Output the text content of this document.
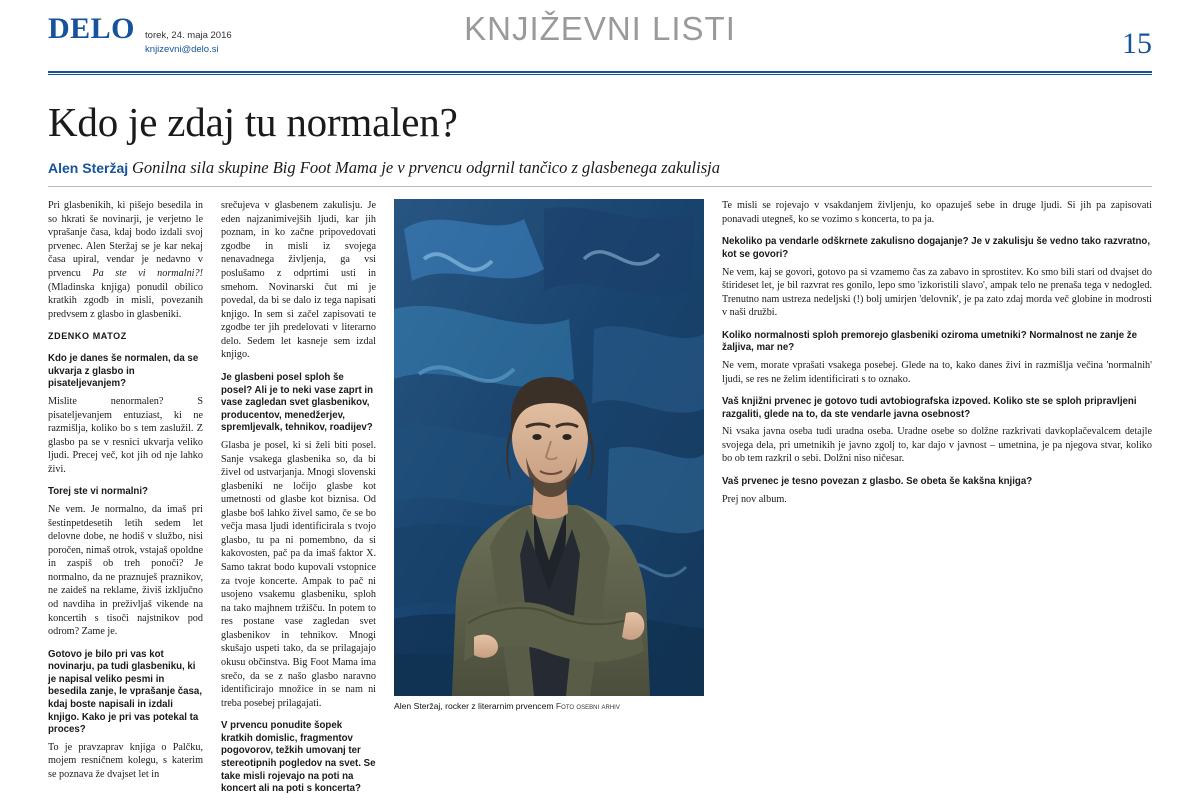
DELO torek, 24. maja 2016
knjizevni@delo.si
KNJIŽEVNI LISTI	15
Kdo je zdaj tu normalen?
Alen Steržaj Gonilna sila skupine Big Foot Mama je v prvencu odgrnil tančico z glasbenega zakulisja

Pri glasbenikih, ki pišejo besedila in so hkrati še novinarji, je verjetno le vprašanje časa, kdaj bodo izdali svoj prvenec. Alen Steržaj se je kar nekaj časa upiral, vendar je nedavno v prvencu Pa ste vi normalni?! (Mladinska knjiga) ponudil obilico kratkih zgodb in misli, povezanih predvsem z glasbo in glasbeniki.

ZDENKO MATOZ
Kdo je danes še normalen, da se ukvarja z glasbo in pisateljevanjem?

Mislite nenormalen? S pisateljevanjem entuziast, ki ne razmišlja, koliko bo s tem zaslužil. Z glasbo pa se v resnici ukvarja veliko ljudi. Precej več, kot jih od nje lahko živi.

Torej ste vi normalni?

Ne vem. Je normalno, da imaš pri šestinpetdesetih letih sedem let delovne dobe, ne hodiš v službo, nisi poročen, nimaš otrok, vstajaš opoldne in zaspiš ob treh ponoči? Je normalno, da ne praznuješ praznikov, ne zaideš na reklame, živiš izključno od navdiha in preživljaš vikende na koncertih s tisoči najstnikov pod odrom? Zame je.

Gotovo je bilo pri vas kot novinarju, pa tudi glasbeniku, ki je napisal veliko pesmi in besedila zanje, le vprašanje časa, kdaj boste napisali in izdali knjigo. Kako je pri vas potekal ta proces?

To je pravzaprav knjiga o Palčku, mojem resničnem kolegu, s katerim se poznava že dvajset let in

srečujeva v glasbenem zakulisju. Je eden najzanimivejših ljudi, kar jih poznam, in ko začne pripovedovati zgodbe in misli iz svojega nenavadnega življenja, ga vsi poslušamo z odprtimi usti in smehom. Novinarski čut mi je povedal, da bi se dalo iz tega napisati knjigo. In sem si začel zapisovati te zgodbe ter jih predelovati v literarno delo. Sedem let kasneje sem izdal knjigo.

Je glasbeni posel sploh še posel? Ali je to neki vase zaprt in vase zagledan svet glasbenikov, producentov, menedžerjev, spremljevalk, tehnikov, roadijev?

Glasba je posel, ki si želi biti posel. Sanje vsakega glasbenika so, da bi živel od ustvarjanja. Mnogi slovenski glasbeniki ne ločijo glasbe kot umetnosti od glasbe kot biznisa. Od glasbe boš lahko živel samo, če se bo večja masa ljudi identificirala s tvojo glasbo, tu pa ni pomembno, da si kakovosten, pač pa da imaš faktor X. Samo takrat bodo kupovali vstopnice za tvoje koncerte. Ampak to pač ni usojeno vsakemu glasbeniku, sploh na tako majhnem tržišču. In potem to res postane vase zagledan svet glasbenikov in tehnikov. Mnogi skušajo uspeti tako, da se prilagajajo okusu občinstva. Big Foot Mama ima srečo, da se z našo glasbo naravno identificirajo množice in se nam ni treba posebej prilagajati.

V prvencu ponudite šopek kratkih domislic, fragmentov pogovorov, težkih umovanj ter stereotipnih pogledov na svet. Se take misli rojevajo na poti na koncert ali na poti s koncerta?
Alen Steržaj, rocker z literarnim prvencem Foto osebni arhiv

Te misli se rojevajo v vsakdanjem življenju, ko opazuješ sebe in druge ljudi. Si jih pa zapisovati ponavadi utegneš, ko se vozimo s koncerta, to pa ja.

Nekoliko pa vendarle odškrnete zakulisno dogajanje? Je v zakulisju še vedno tako razvratno, kot se govori?

Ne vem, kaj se govori, gotovo pa si vzamemo čas za zabavo in sprostitev. Ko smo bili stari od dvajset do štirideset let, je bil razvrat res gonilo, lepo smo 'izkoristili slavo', ampak telo ne prenaša tega v nedogled. Trenutno nam ustreza nedeljski (!) bolj umirjen 'delovnik', je pa zato zdaj morda več globine in modrosti v naši družbi.

Koliko normalnosti sploh premorejo glasbeniki oziroma umetniki? Normalnost ne zanje že žaljiva, mar ne?

Ne vem, morate vprašati vsakega posebej. Glede na to, kako danes živi in razmišlja večina 'normalnih' ljudi, se res ne želim identificirati s to oznako.

Vaš knjižni prvenec je gotovo tudi avtobiografska izpoved. Koliko ste se sploh pripravljeni razgaliti, glede na to, da ste vendarle javna osebnost?

Ni vsaka javna oseba tudi uradna oseba. Uradne osebe so dolžne razkrivati davkoplačevalcem detajle svojega dela, pri umetnikih je javno zgolj to, kar dajo v javnost – umetnina, je pa njegova stvar, koliko bo ob tem razkril o sebi. Dolžni niso ničesar.

Vaš prvenec je tesno povezan z glasbo. Se obeta še kakšna knjiga?

Prej nov album.
